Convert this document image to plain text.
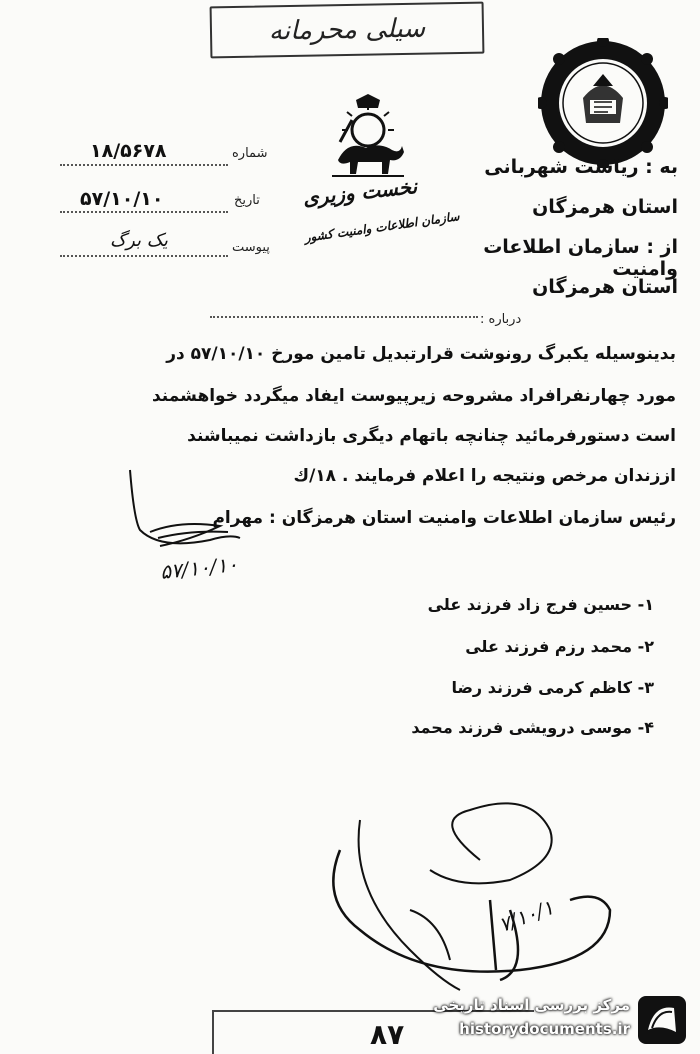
سیلی محرمانه
نخست وزیری
سازمان اطلاعات وامنیت کشور
شماره
۱۸/۵۶۷۸
تاریخ
۵۷/۱۰/۱۰
پیوست
یک برگ
به : ریاست شهربانی
استان هرمزگان
از : سازمان اطلاعات وامنیت
استان هرمزگان
درباره :
بدینوسیله یکبرگ رونوشت قرارتبدیل تامین مورخ ۵۷/۱۰/۱۰ در
مورد چهارنفرافراد مشروحه زیرپیوست ایفاد میگردد خواهشمند
است دستورفرمائید چنانچه باتهام دیگری بازداشت نمیباشند
اززندان مرخص ونتیجه را اعلام فرمایند . ۱۸/ك
رئیس سازمان اطلاعات وامنیت استان هرمزگان : مهرام
۵۷/۱۰/۱۰
۱- حسین فرج زاد فرزند علی
۲- محمد رزم فرزند علی
۳- کاظم کرمی فرزند رضا
۴- موسی درویشی فرزند محمد
۷/۱۰/۱
۸۷
مرکز بررسی اسناد تاریخی
historydocuments.ir
